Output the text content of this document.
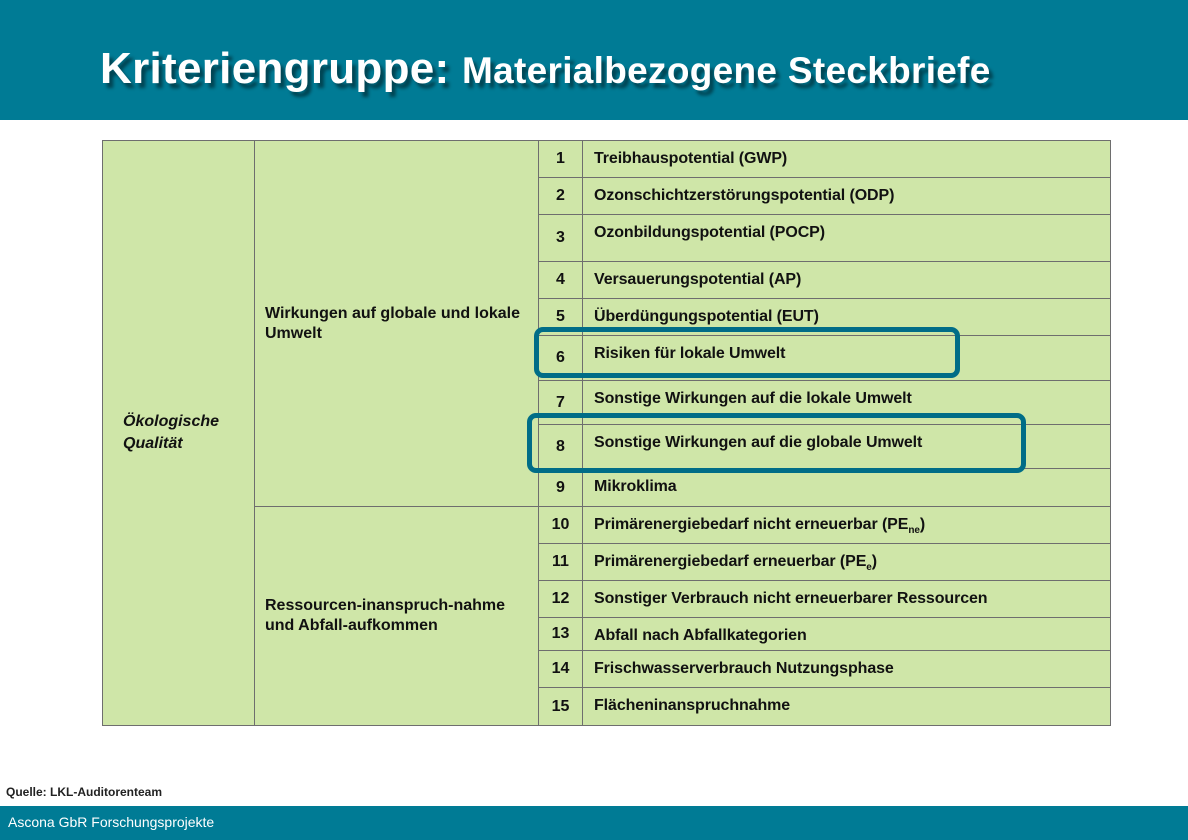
Kriteriengruppe: Materialbezogene Steckbriefe
Ökologische Qualität	Wirkungen auf globale und lokale Umwelt	1	Treibhauspotential (GWP)
		2	Ozonschichtzerstörungspotential (ODP)
		3	Ozonbildungspotential (POCP)
		4	Versauerungspotential (AP)
		5	Überdüngungspotential (EUT)
		6	Risiken für lokale Umwelt
		7	Sonstige Wirkungen auf die lokale Umwelt
		8	Sonstige Wirkungen auf die globale Umwelt
		9	Mikroklima
	Ressourcen-inanspruch-nahme und Abfall-aufkommen	10	Primärenergiebedarf nicht erneuerbar $(PE_{ne})$
		11	Primärenergiebedarf erneuerbar $(PE_e)$
		12	Sonstiger Verbrauch nicht erneuerbarer Ressourcen
		13	Abfall nach Abfallkategorien
		14	Frischwasserverbrauch Nutzungsphase
		15	Flächeninanspruchnahme
Quelle: LKL-Auditorenteam
Ascona GbR Forschungsprojekte
